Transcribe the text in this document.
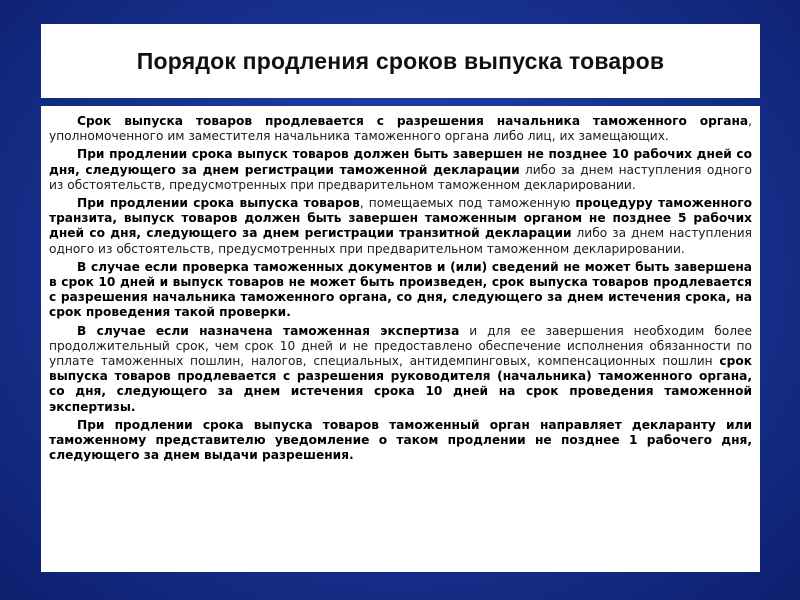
Порядок продления сроков выпуска товаров

Срок выпуска товаров продлевается с разрешения начальника таможенного органа, уполномоченного им заместителя начальника таможенного органа либо лиц, их замещающих.

При продлении срока выпуск товаров должен быть завершен не позднее 10 рабочих дней со дня, следующего за днем регистрации таможенной декларации либо за днем наступления одного из обстоятельств, предусмотренных при предварительном таможенном декларировании.

При продлении срока выпуска товаров, помещаемых под таможенную процедуру таможенного транзита, выпуск товаров должен быть завершен таможенным органом не позднее 5 рабочих дней со дня, следующего за днем регистрации транзитной декларации либо за днем наступления одного из обстоятельств, предусмотренных при предварительном таможенном декларировании.

В случае если проверка таможенных документов и (или) сведений не может быть завершена в срок 10 дней и выпуск товаров не может быть произведен, срок выпуска товаров продлевается с разрешения начальника таможенного органа, со дня, следующего за днем истечения срока, на срок проведения такой проверки.

В случае если назначена таможенная экспертиза и для ее завершения необходим более продолжительный срок, чем срок 10 дней и не предоставлено обеспечение исполнения обязанности по уплате таможенных пошлин, налогов, специальных, антидемпинговых, компенсационных пошлин срок выпуска товаров продлевается с разрешения руководителя (начальника) таможенного органа, со дня, следующего за днем истечения срока 10 дней на срок проведения таможенной экспертизы.

При продлении срока выпуска товаров таможенный орган направляет декларанту или таможенному представителю уведомление о таком продлении не позднее 1 рабочего дня, следующего за днем выдачи разрешения.
